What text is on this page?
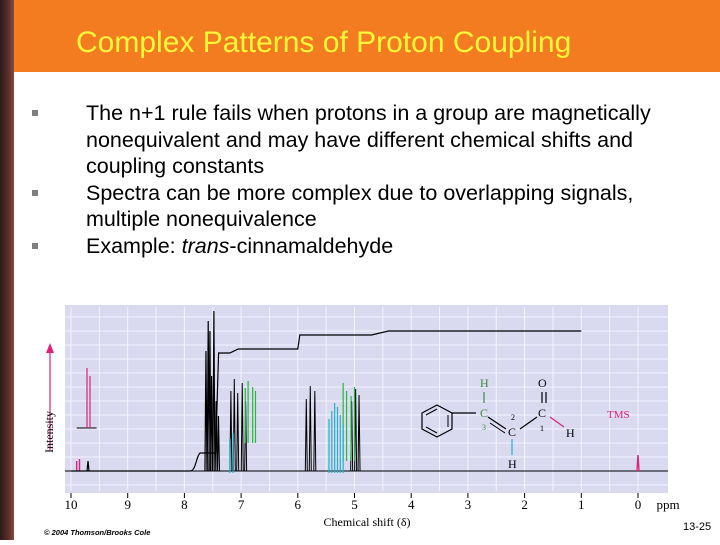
Complex Patterns of Proton Coupling
The n+1 rule fails when protons in a group are magnetically nonequivalent and may have different chemical shifts and coupling constants
Spectra can be more complex due to overlapping signals, multiple nonequivalence
Example: trans-cinnamaldehyde
Intensity	C
3
H
C
2
H
C
1
O
H
TMS
10	9	8	7	6	5	4	3	2	1	0 ppm
Chemical shift (δ)
© 2004 Thomson/Brooks Cole	13-25
